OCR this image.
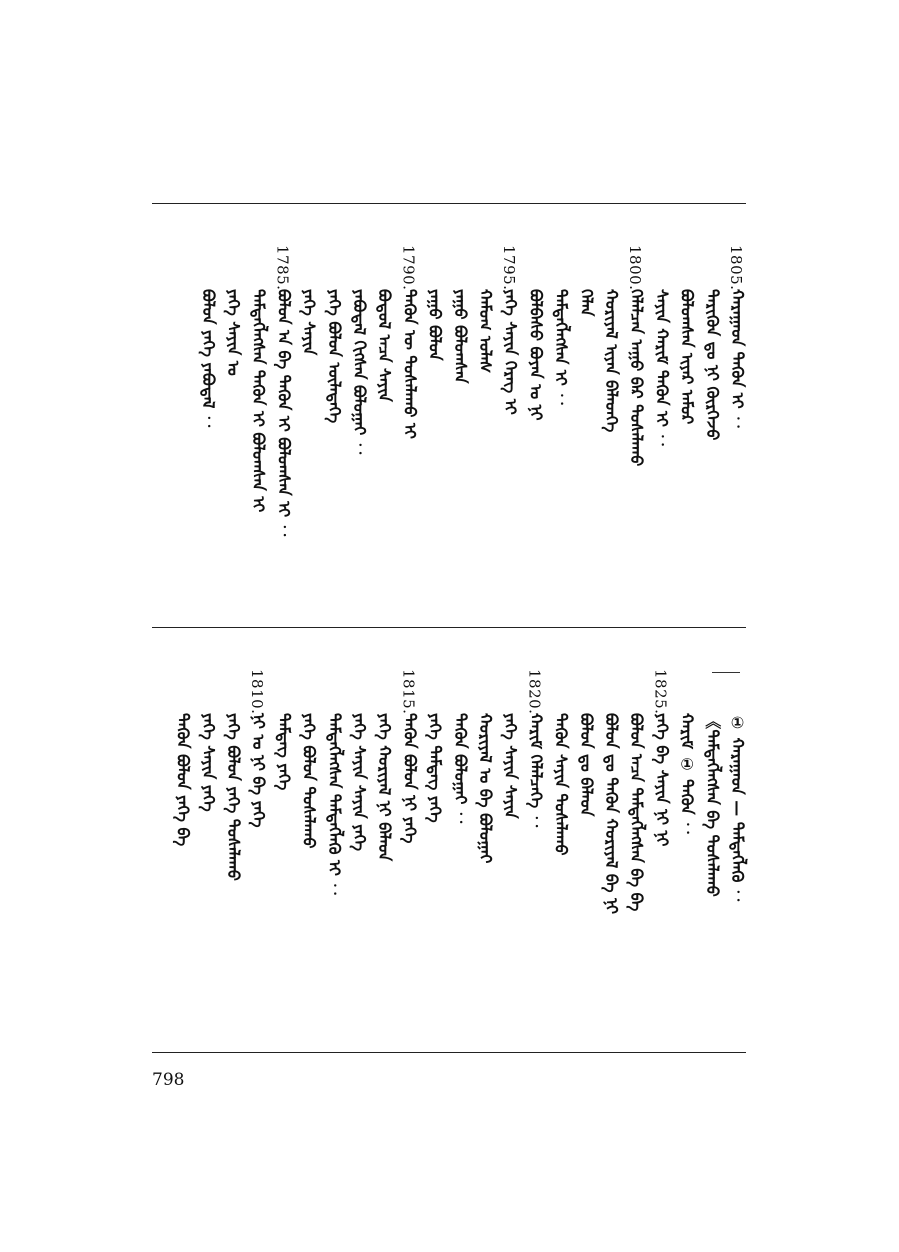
1805.
ᠬᠠᠷᠠᠭᠠᠳ ᠲᠡᠭᠦᠨ ᠢ ︰
ᠲᠡᠷᠢᠭᠦᠨ ᠳᠤ ᠨᠢ ᠬᠦᠷᠭᠡᠵᠦ
ᠪᠣᠯᠤᠭᠰᠠᠨ ᠢᠶᠠᠷ ᠠᠮᠤᠷ
ᠰᠠᠶᠢᠨ ᠬᠠᠷᠢᠮ ᠲᠡᠭᠦᠨ ᠢ ︰
1800.
ᠬᠡᠯᠡᠯᠴᠡᠨ ᠠᠭᠤ ᠪᠠᠷ ᠲᠤᠰᠠᠯᠠᠬᠤ
ᠬᠣᠷᠢᠶᠠᠯ ᠢᠶᠠᠨ ᠪᠡᠯᠡᠳᠬᠡ
ᠬᠡᠯᠡᠨ
ᠲᠡᠮᠳᠡᠭᠯᠡᠭᠰᠡᠨ ᠢ ︰
ᠪᠣᠯᠪᠠᠰᠤ ᠪᠤᠶᠠᠨ ᠤ ᠨᠢ
1795.
ᠶᠡᠬᠡ ᠰᠠᠶᠢᠨ ᠬᠡᠷᠡᠭ ᠢ
ᠬᠠᠮᠤᠭ ᠤᠯᠠᠰ
ᠶᠠᠭᠤ ᠪᠣᠯᠤᠭᠰᠠᠨ
ᠶᠠᠭᠤ ᠪᠣᠯᠤᠨ
1790.
ᠲᠡᠭᠦᠨ ᠦ ᠲᠤᠰᠠᠯᠠᠬᠤ ᠢ
ᠪᠣᠳᠤᠯ ᠠᠴᠠ ᠰᠠᠶᠢᠨ
ᠶᠠᠪᠤᠳᠠᠯ ᠬᠢᠭᠰᠡᠨ ᠪᠣᠯᠤᠭᠠᠢ ︰
ᠶᠡᠬᠡ ᠪᠣᠯᠤᠨ ᠦᠯᠡᠳᠡᠭᠡ
ᠶᠡᠬᠡ ᠰᠠᠶᠢᠨ
1785.
ᠪᠣᠯᠤᠨ ᠠ ᠪᠠ ᠲᠡᠭᠦᠨ ᠢ ᠪᠣᠯᠤᠭᠰᠠᠨ ᠢ ︰
ᠲᠡᠮᠳᠡᠭᠯᠡᠭᠰᠡᠨ ᠲᠡᠭᠦᠨ ᠢ ᠪᠣᠯᠤᠭᠰᠠᠨ ᠢ
ᠶᠡᠬᠡ ᠰᠠᠶᠢᠨ ᠤ
ᠪᠣᠯᠤᠨ ᠶᠡᠬᠡ ᠶᠠᠪᠤᠳᠠᠯ ︰
① ᠬᠠᠷᠠᠭᠠᠳ — ᠲᠡᠮᠳᠡᠭᠯᠡᠬᠦ ︰
《ᠲᠡᠮᠳᠡᠭᠯᠡᠭᠰᠡᠨ ᠪᠠ ᠲᠤᠰᠠᠯᠠᠬᠤ
ᠬᠠᠷᠢᠮ ① ᠲᠡᠭᠦᠨ ︰
1825.
ᠶᠡᠬᠡ ᠪᠠ ᠰᠠᠶᠢᠨ ᠨᠢ ᠨᠢ
ᠪᠣᠯᠤᠨ ᠠᠴᠠ ᠲᠡᠮᠳᠡᠭᠯᠡᠭᠰᠡᠨ ᠪᠠ ᠪᠠ
ᠪᠣᠯᠤᠨ ᠳᠤ ᠲᠡᠭᠦᠨ ᠬᠣᠷᠢᠶᠠᠯ ᠪᠠ ᠨᠢ
ᠪᠣᠯᠤᠨ ᠳᠤ ᠪᠡᠯᠡᠳ
ᠲᠡᠭᠦᠨ ᠰᠠᠶᠢᠨ ᠲᠤᠰᠠᠯᠠᠬᠤ
1820.
ᠬᠠᠷᠢᠮ ᠬᠡᠯᠡᠯᠴᠡᠭᠡ ︰
ᠶᠡᠬᠡ ᠰᠠᠶᠢᠨ ᠰᠠᠶᠢᠨ
ᠬᠣᠷᠢᠶᠠᠯ ᠤ ᠪᠠ ᠪᠣᠯᠤᠭᠠᠢ
ᠲᠡᠭᠦᠨ ᠪᠣᠯᠤᠭᠠᠢ ︰
ᠶᠡᠬᠡ ᠲᠡᠮᠳᠡᠭ ᠶᠡᠬᠡ
1815.
ᠲᠡᠭᠦᠨ ᠪᠣᠯᠤᠨ ᠨᠢ ᠶᠡᠬᠡ
ᠶᠡᠬᠡ ᠬᠣᠷᠢᠶᠠᠯ ᠨᠢ ᠪᠡᠯᠡᠳ
ᠶᠡᠬᠡ ᠰᠠᠶᠢᠨ ᠰᠠᠶᠢᠨ ᠶᠡᠬᠡ
ᠲᠡᠮᠳᠡᠭᠯᠡᠭᠰᠡᠨ ᠲᠡᠮᠳᠡᠭᠯᠡᠬᠦ ᠢ ︰
ᠶᠡᠬᠡ ᠪᠣᠯᠤᠨ ᠲᠤᠰᠠᠯᠠᠬᠤ
ᠲᠡᠮᠳᠡᠭ ᠶᠡᠬᠡ
1810.
ᠨᠢ ᠤ ᠨᠢ ᠪᠠ ᠶᠡᠬᠡ
ᠶᠡᠬᠡ ᠪᠣᠯᠤᠨ ᠶᠡᠬᠡ ᠲᠤᠰᠠᠯᠠᠬᠤ
ᠶᠡᠬᠡ ᠰᠠᠶᠢᠨ ᠶᠡᠬᠡ
ᠲᠡᠭᠦᠨ ᠪᠣᠯᠤᠨ ᠶᠡᠬᠡ ᠪᠠ
798
